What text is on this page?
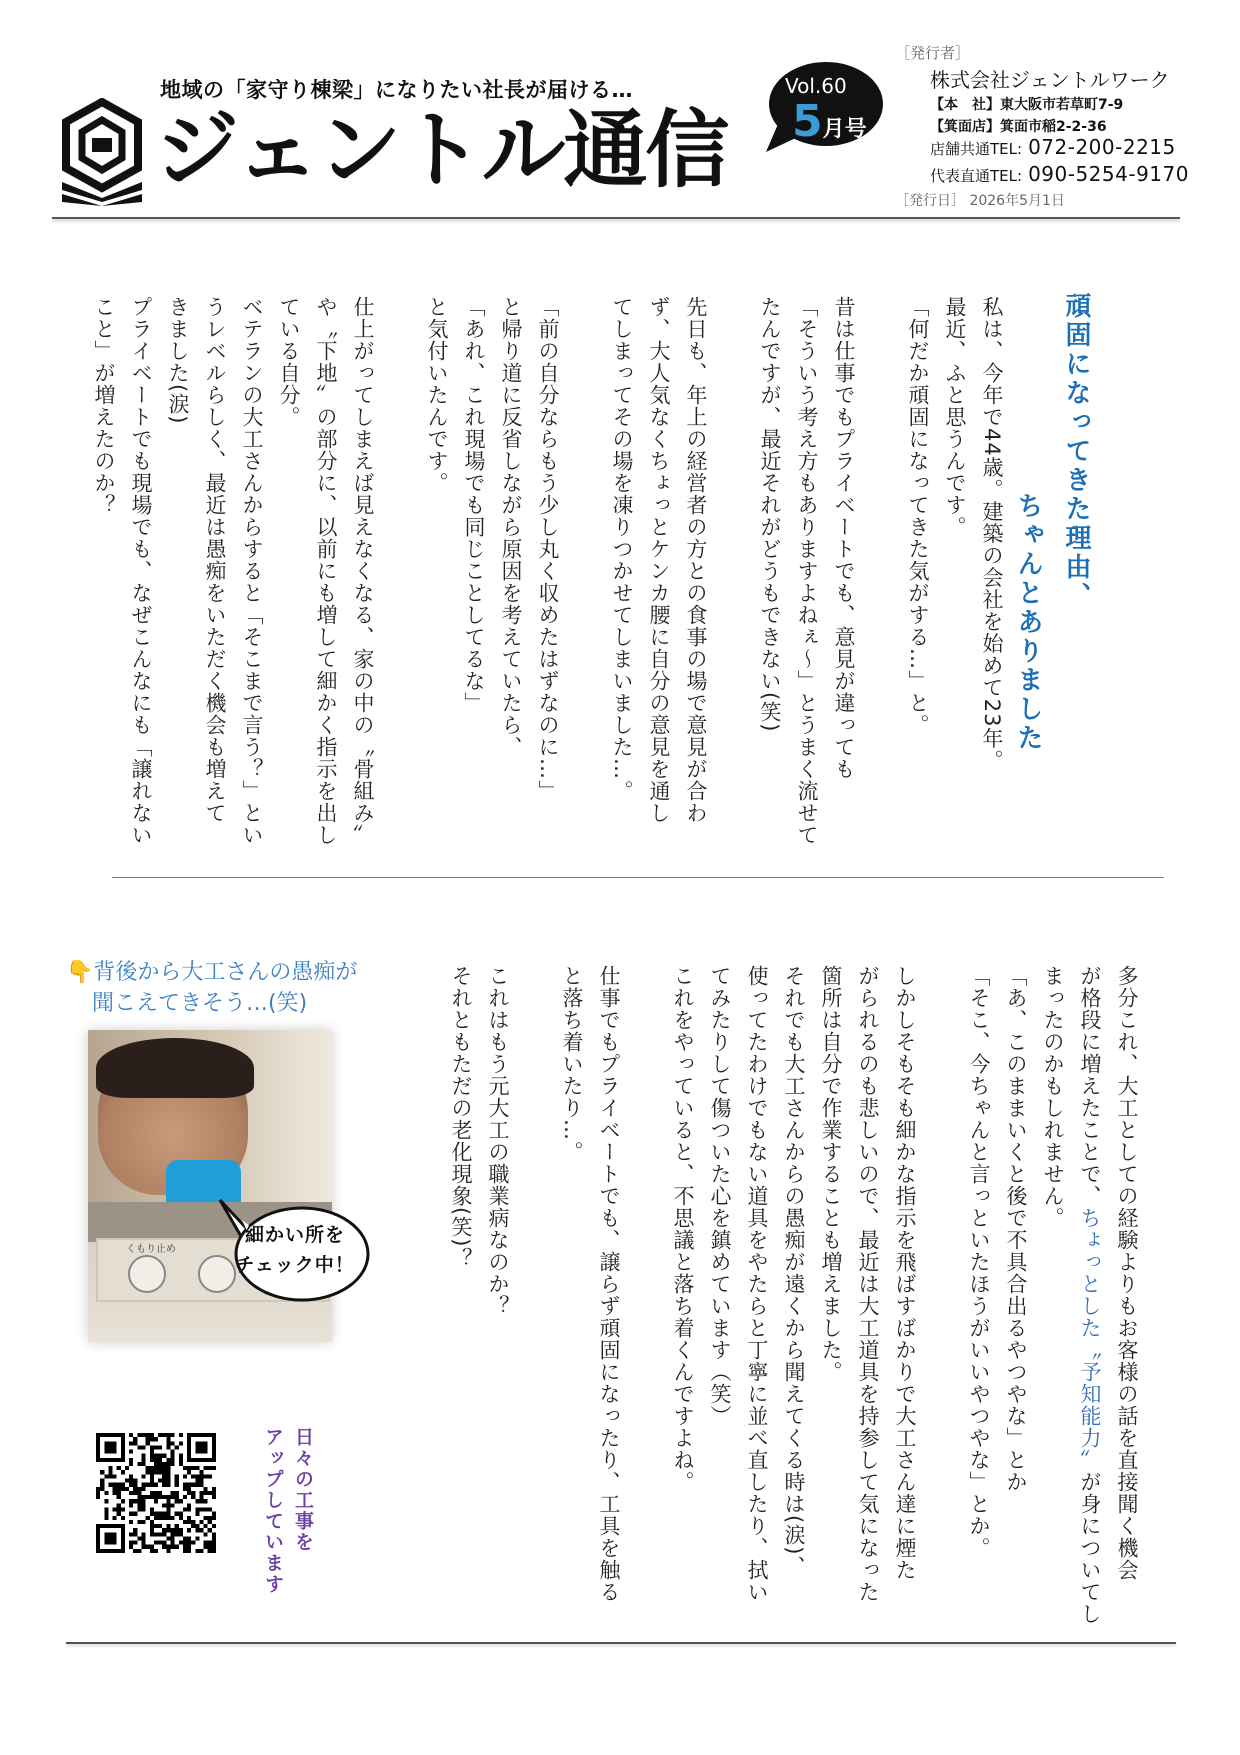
地域の「家守り棟梁」になりたい社長が届ける…
ジェントル通信
Vol.60
5月号
［発行者］
株式会社ジェントルワーク
【本　社】東大阪市若草町7-9
【箕面店】箕面市稲2-2-36
店舗共通TEL: 072-200-2215
代表直通TEL: 090-5254-9170
［発行日］ 2026年5月1日
頑固になってきた理由、
ちゃんとありました
私は、今年で44歳。建築の会社を始めて23年。
最近、ふと思うんです。
「何だか頑固になってきた気がする…」と。

昔は仕事でもプライベートでも、意見が違っても
「そういう考え方もありますよねぇ～」とうまく流せて
たんですが、最近それがどうもできない(笑)

先日も、年上の経営者の方との食事の場で意見が合わ
ず、大人気なくちょっとケンカ腰に自分の意見を通し
てしまってその場を凍りつかせてしまいました…。

「前の自分ならもう少し丸く収めたはずなのに…」
と帰り道に反省しながら原因を考えていたら、
「あれ、これ現場でも同じことしてるな」
と気付いたんです。

仕上がってしまえば見えなくなる、家の中の〝骨組み〟
や〝下地〟の部分に、以前にも増して細かく指示を出し
ている自分。
ベテランの大工さんからすると「そこまで言う？」とい
うレベルらしく、最近は愚痴をいただく機会も増えて
きました(涙)
プライベートでも現場でも、なぜこんなにも「譲れない
こと」が増えたのか？
多分これ、大工としての経験よりもお客様の話を直接聞く機会
が格段に増えたことで、ちょっとした〝予知能力〟が身についてし
まったのかもしれません。
「あ、このままいくと後で不具合出るやつやな」とか
「そこ、今ちゃんと言っといたほうがいいやつやな」とか。

しかしそもそも細かな指示を飛ばすばかりで大工さん達に煙た
がられるのも悲しいので、最近は大工道具を持参して気になった
箇所は自分で作業することも増えました。
それでも大工さんからの愚痴が遠くから聞えてくる時は(涙)、
使ってたわけでもない道具をやたらと丁寧に並べ直したり、拭い
てみたりして傷ついた心を鎮めています（笑）
これをやっていると、不思議と落ち着くんですよね。

仕事でもプライベートでも、譲らず頑固になったり、工具を触る
と落ち着いたり…。

これはもう元大工の職業病なのか？
それともただの老化現象(笑)？
👇背後から大工さんの愚痴が
聞こえてきそう…(笑)
くもり止め
細かい所を
チェック中！
日々の工事を
アップしています
